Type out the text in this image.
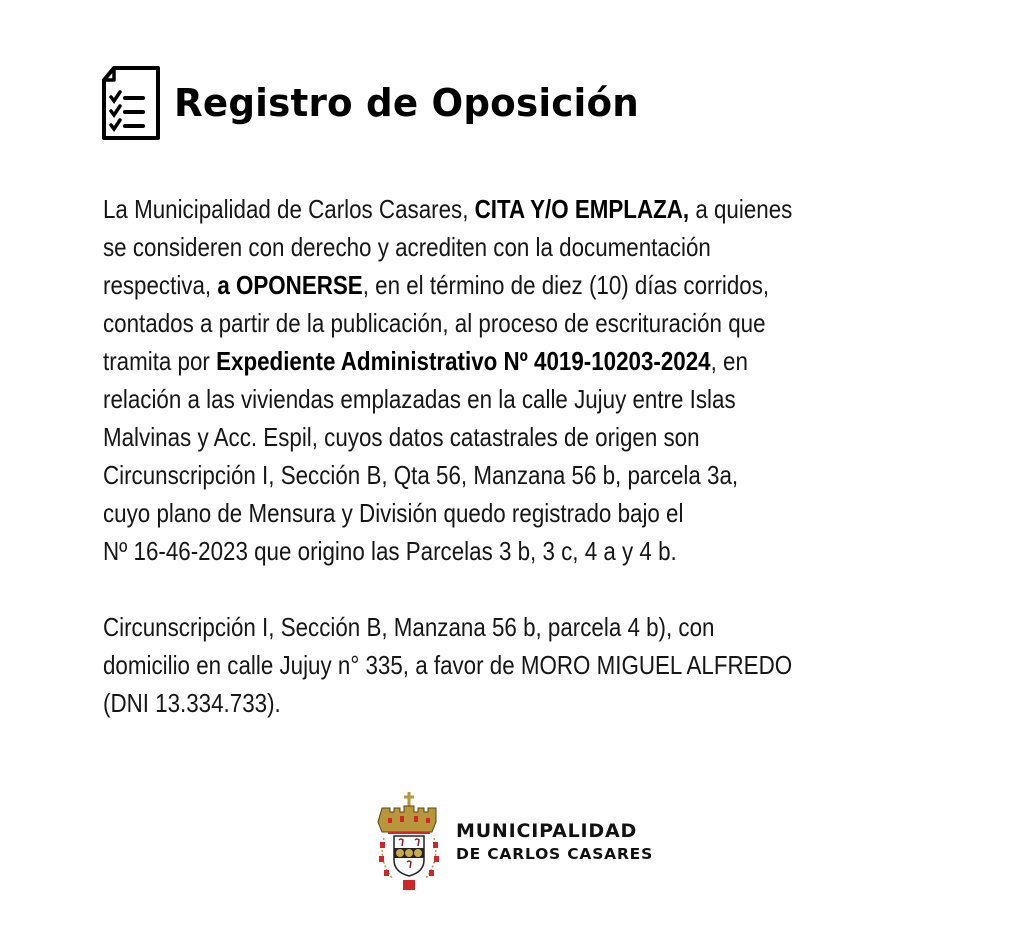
Registro de Oposición

La Municipalidad de Carlos Casares, CITA Y/O EMPLAZA, a quienes
se consideren con derecho y acrediten con la documentación
respectiva, a OPONERSE, en el término de diez (10) días corridos,
contados a partir de la publicación, al proceso de escrituración que
tramita por Expediente Administrativo Nº 4019-10203-2024, en
relación a las viviendas emplazadas en la calle Jujuy entre Islas
Malvinas y Acc. Espil, cuyos datos catastrales de origen son
Circunscripción I, Sección B, Qta 56, Manzana 56 b, parcela 3a,
cuyo plano de Mensura y División quedo registrado bajo el
Nº 16-46-2023 que origino las Parcelas 3 b, 3 c, 4 a y 4 b.

Circunscripción I, Sección B, Manzana 56 b, parcela 4 b), con
domicilio en calle Jujuy n° 335, a favor de MORO MIGUEL ALFREDO
(DNI 13.334.733).

MUNICIPALIDAD
DE CARLOS CASARES
